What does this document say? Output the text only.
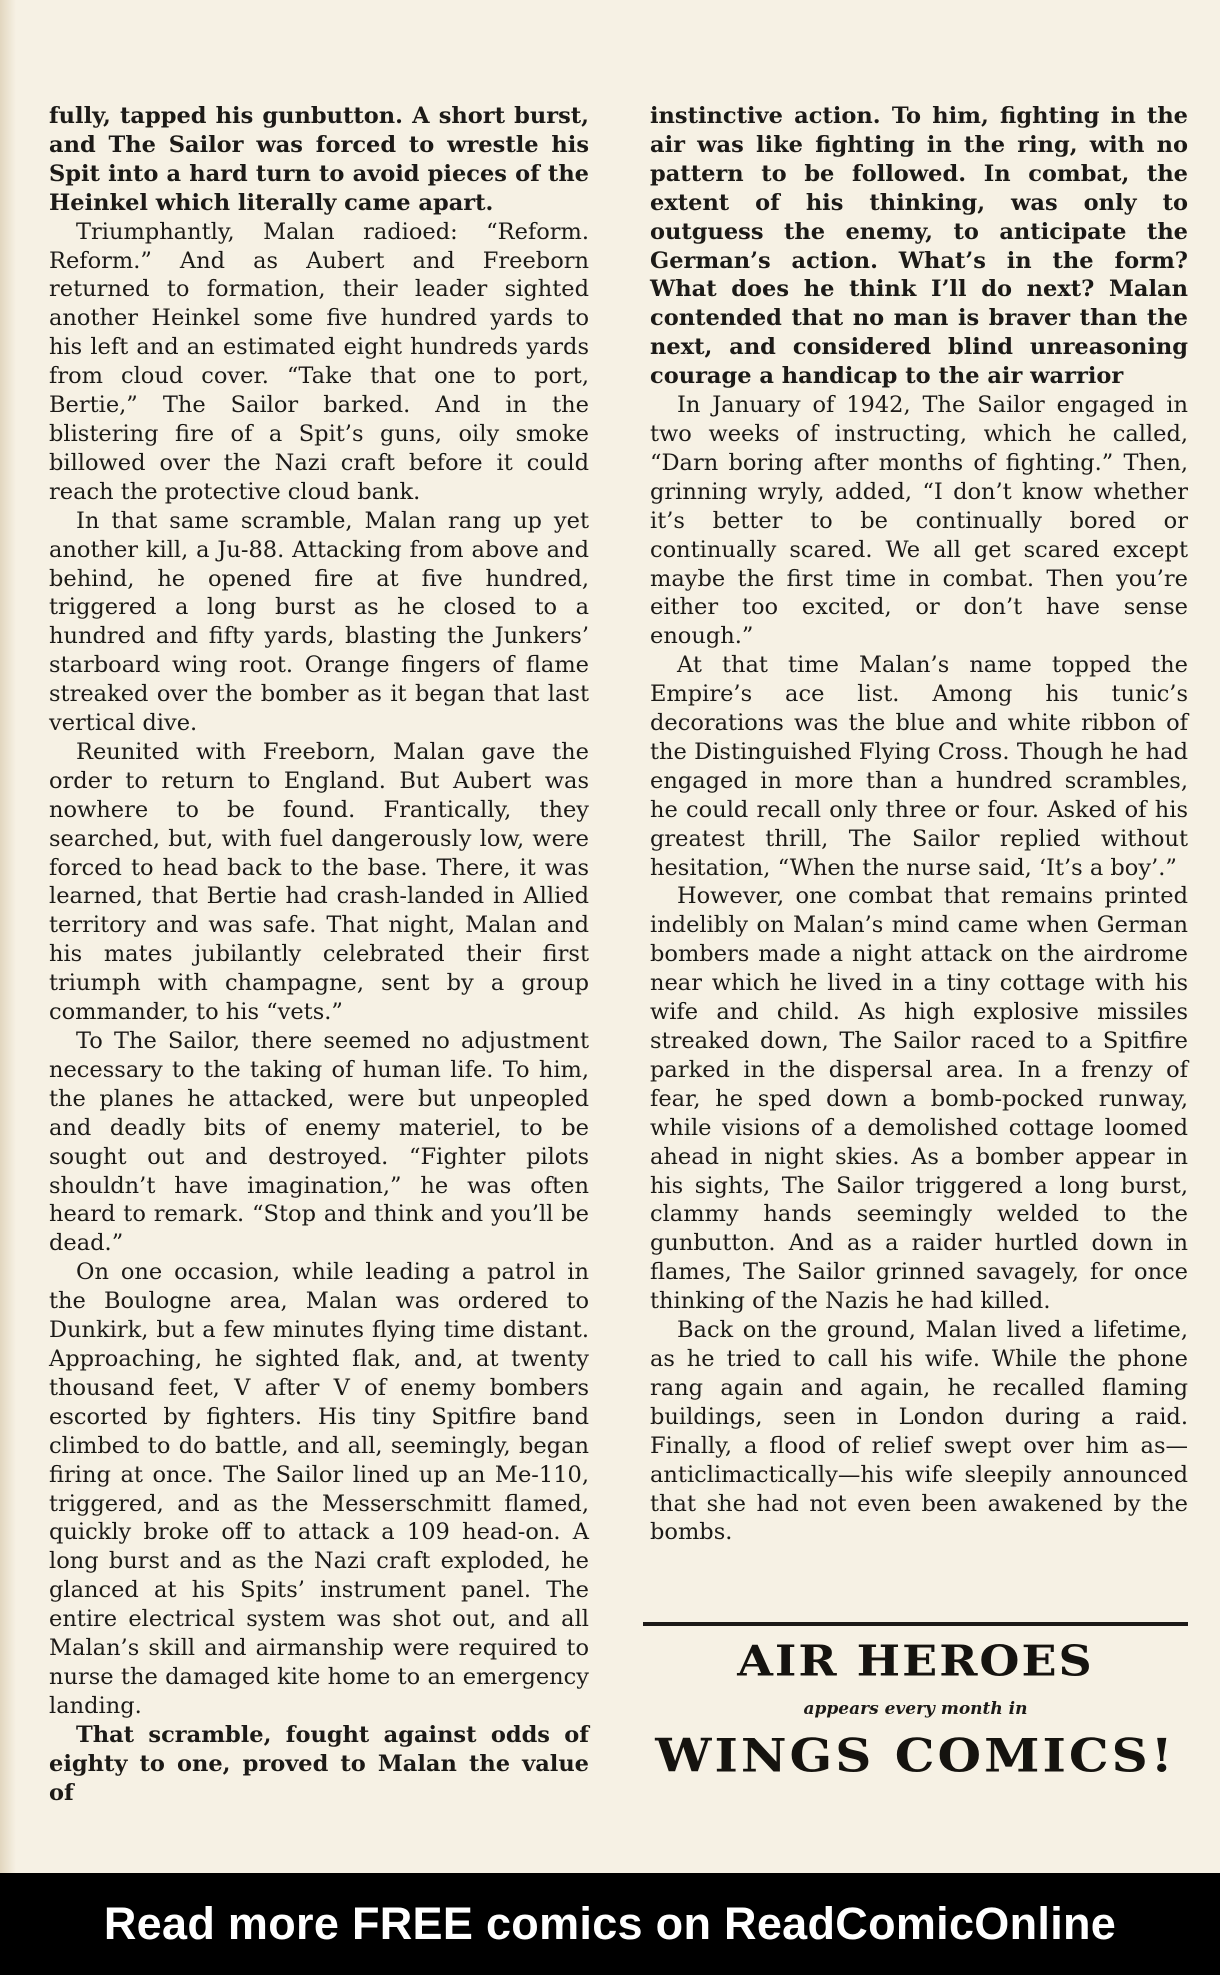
fully, tapped his gunbutton. A short burst, and The Sailor was forced to wrestle his Spit into a hard turn to avoid pieces of the Heinkel which literally came apart.

Triumphantly, Malan radioed: “Reform. Reform.” And as Aubert and Freeborn returned to formation, their leader sighted another Heinkel some five hundred yards to his left and an estimated eight hundreds yards from cloud cover. “Take that one to port, Bertie,” The Sailor barked. And in the blistering fire of a Spit’s guns, oily smoke billowed over the Nazi craft before it could reach the protective cloud bank.

In that same scramble, Malan rang up yet another kill, a Ju-88. Attacking from above and behind, he opened fire at five hundred, triggered a long burst as he closed to a hundred and fifty yards, blasting the Junkers’ starboard wing root. Orange fingers of flame streaked over the bomber as it began that last vertical dive.

Reunited with Freeborn, Malan gave the order to return to England. But Aubert was nowhere to be found. Frantically, they searched, but, with fuel dangerously low, were forced to head back to the base. There, it was learned, that Bertie had crash-landed in Allied territory and was safe. That night, Malan and his mates jubilantly celebrated their first triumph with champagne, sent by a group commander, to his “vets.”

To The Sailor, there seemed no adjustment necessary to the taking of human life. To him, the planes he attacked, were but unpeopled and deadly bits of enemy materiel, to be sought out and destroyed. “Fighter pilots shouldn’t have imagination,” he was often heard to remark. “Stop and think and you’ll be dead.”

On one occasion, while leading a patrol in the Boulogne area, Malan was ordered to Dunkirk, but a few minutes flying time distant. Approaching, he sighted flak, and, at twenty thousand feet, V after V of enemy bombers escorted by fighters. His tiny Spitfire band climbed to do battle, and all, seemingly, began firing at once. The Sailor lined up an Me-110, triggered, and as the Messerschmitt flamed, quickly broke off to attack a 109 head-on. A long burst and as the Nazi craft exploded, he glanced at his Spits’ instrument panel. The entire electrical system was shot out, and all Malan’s skill and airmanship were required to nurse the damaged kite home to an emergency landing.

That scramble, fought against odds of eighty to one, proved to Malan the value of

instinctive action. To him, fighting in the air was like fighting in the ring, with no pattern to be followed. In combat, the extent of his thinking, was only to outguess the enemy, to anticipate the German’s action. What’s in the form? What does he think I’ll do next? Malan contended that no man is braver than the next, and considered blind unreasoning courage a handicap to the air warrior

In January of 1942, The Sailor engaged in two weeks of instructing, which he called, “Darn boring after months of fighting.” Then, grinning wryly, added, “I don’t know whether it’s better to be continually bored or continually scared. We all get scared except maybe the first time in combat. Then you’re either too excited, or don’t have sense enough.”

At that time Malan’s name topped the Empire’s ace list. Among his tunic’s decorations was the blue and white ribbon of the Distinguished Flying Cross. Though he had engaged in more than a hundred scrambles, he could recall only three or four. Asked of his greatest thrill, The Sailor replied without hesitation, “When the nurse said, ‘It’s a boy’.”

However, one combat that remains printed indelibly on Malan’s mind came when German bombers made a night attack on the airdrome near which he lived in a tiny cottage with his wife and child. As high explosive missiles streaked down, The Sailor raced to a Spitfire parked in the dispersal area. In a frenzy of fear, he sped down a bomb-pocked runway, while visions of a demolished cottage loomed ahead in night skies. As a bomber appear in his sights, The Sailor triggered a long burst, clammy hands seemingly welded to the gunbutton. And as a raider hurtled down in flames, The Sailor grinned savagely, for once thinking of the Nazis he had killed.

Back on the ground, Malan lived a lifetime, as he tried to call his wife. While the phone rang again and again, he recalled flaming buildings, seen in London during a raid. Finally, a flood of relief swept over him as—anticlimactically—his wife sleepily announced that she had not even been awakened by the bombs.

AIR HEROES
appears every month in
WINGS COMICS!
Read more FREE comics on ReadComicOnline
